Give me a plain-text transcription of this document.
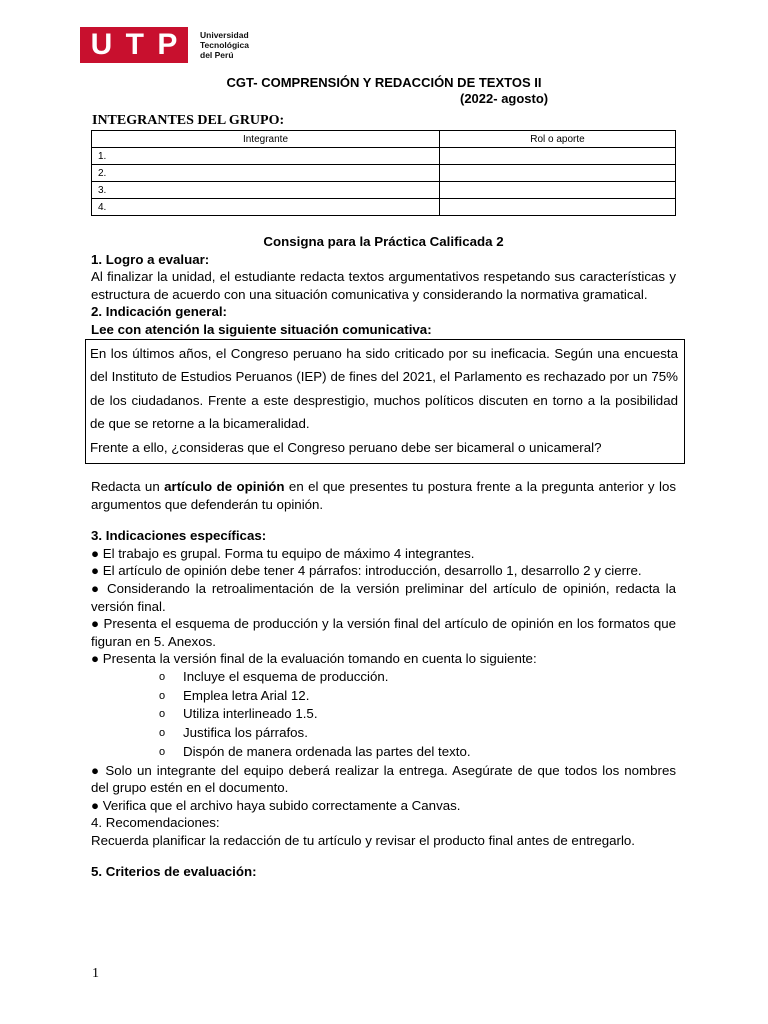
U T P	Universidad
Tecnológica
del Perú
CGT- COMPRENSIÓN Y REDACCIÓN DE TEXTOS II
(2022- agosto)
INTEGRANTES DEL GRUPO:
Integrante	Rol o aporte
1.	
2.	
3.	
4.	
Consigna para la Práctica Calificada 2
1. Logro a evaluar:
Al finalizar la unidad, el estudiante redacta textos argumentativos respetando sus características y estructura de acuerdo con una situación comunicativa y considerando la normativa gramatical.
2. Indicación general:
Lee con atención la siguiente situación comunicativa:
En los últimos años, el Congreso peruano ha sido criticado por su ineficacia. Según una encuesta del Instituto de Estudios Peruanos (IEP) de fines del 2021, el Parlamento es rechazado por un 75% de los ciudadanos. Frente a este desprestigio, muchos políticos discuten en torno a la posibilidad de que se retorne a la bicameralidad.
Frente a ello, ¿consideras que el Congreso peruano debe ser bicameral o unicameral?
Redacta un artículo de opinión en el que presentes tu postura frente a la pregunta anterior y los argumentos que defenderán tu opinión.
3. Indicaciones específicas:
● El trabajo es grupal. Forma tu equipo de máximo 4 integrantes.
● El artículo de opinión debe tener 4 párrafos: introducción, desarrollo 1, desarrollo 2 y cierre.
● Considerando la retroalimentación de la versión preliminar del artículo de opinión, redacta la versión final.
● Presenta el esquema de producción y la versión final del artículo de opinión en los formatos que figuran en 5. Anexos.
● Presenta la versión final de la evaluación tomando en cuenta lo siguiente:
o Incluye el esquema de producción.
o Emplea letra Arial 12.
o Utiliza interlineado 1.5.
o Justifica los párrafos.
o Dispón de manera ordenada las partes del texto.
● Solo un integrante del equipo deberá realizar la entrega. Asegúrate de que todos los nombres del grupo estén en el documento.
● Verifica que el archivo haya subido correctamente a Canvas.
4. Recomendaciones:
Recuerda planificar la redacción de tu artículo y revisar el producto final antes de entregarlo.
5. Criterios de evaluación:
1
